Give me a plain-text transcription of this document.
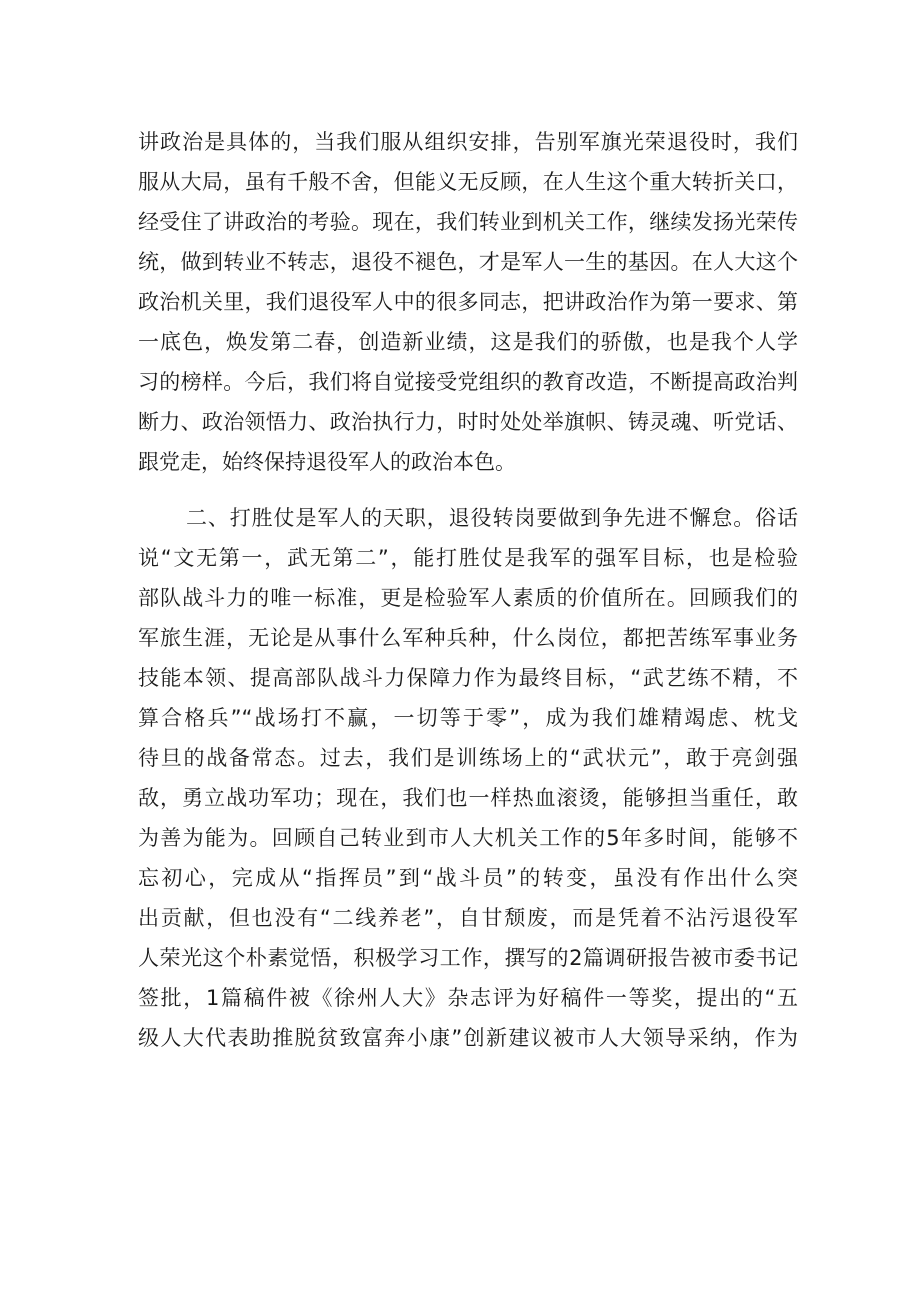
讲政治是具体的，当我们服从组织安排，告别军旗光荣退役时，我们
服从大局，虽有千般不舍，但能义无反顾，在人生这个重大转折关口，
经受住了讲政治的考验。现在，我们转业到机关工作，继续发扬光荣传
统，做到转业不转志，退役不褪色，才是军人一生的基因。在人大这个
政治机关里，我们退役军人中的很多同志，把讲政治作为第一要求、第
一底色，焕发第二春，创造新业绩，这是我们的骄傲，也是我个人学
习的榜样。今后，我们将自觉接受党组织的教育改造，不断提高政治判
断力、政治领悟力、政治执行力，时时处处举旗帜、铸灵魂、听党话、
跟党走，始终保持退役军人的政治本色。
二、打胜仗是军人的天职，退役转岗要做到争先进不懈怠。俗话
说“文无第一，武无第二”，能打胜仗是我军的强军目标，也是检验
部队战斗力的唯一标准，更是检验军人素质的价值所在。回顾我们的
军旅生涯，无论是从事什么军种兵种，什么岗位，都把苦练军事业务
技能本领、提高部队战斗力保障力作为最终目标，“武艺练不精，不
算合格兵”“战场打不赢，一切等于零”，成为我们雄精竭虑、枕戈
待旦的战备常态。过去，我们是训练场上的“武状元”，敢于亮剑强
敌，勇立战功军功；现在，我们也一样热血滚烫，能够担当重任，敢
为善为能为。回顾自己转业到市人大机关工作的5年多时间，能够不
忘初心，完成从“指挥员”到“战斗员”的转变，虽没有作出什么突
出贡献，但也没有“二线养老”，自甘颓废，而是凭着不沾污退役军
人荣光这个朴素觉悟，积极学习工作，撰写的2篇调研报告被市委书记
签批，1篇稿件被《徐州人大》杂志评为好稿件一等奖，提出的“五
级人大代表助推脱贫致富奔小康”创新建议被市人大领导采纳，作为
